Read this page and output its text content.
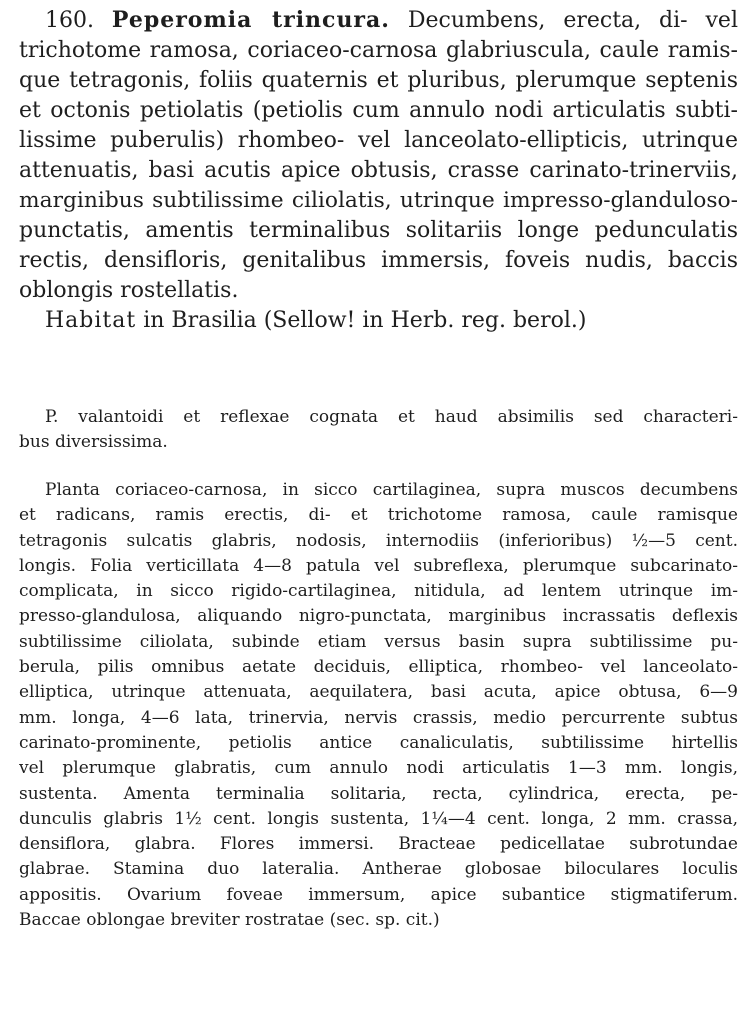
160. Peperomia trincura. Decumbens, erecta, di- vel
trichotome ramosa, coriaceo-carnosa glabriuscula, caule ramis-
que tetragonis, foliis quaternis et pluribus, plerumque septenis
et octonis petiolatis (petiolis cum annulo nodi articulatis subti-
lissime puberulis) rhombeo- vel lanceolato-ellipticis, utrinque
attenuatis, basi acutis apice obtusis, crasse carinato-trinerviis,
marginibus subtilissime ciliolatis, utrinque impresso-glanduloso-
punctatis, amentis terminalibus solitariis longe pedunculatis
rectis, densifloris, genitalibus immersis, foveis nudis, baccis
oblongis rostellatis.
Habitat in Brasilia (Sellow! in Herb. reg. berol.)
P. valantoidi et reflexae cognata et haud absimilis sed characteri-
bus diversissima.
Planta coriaceo-carnosa, in sicco cartilaginea, supra muscos decumbens
et radicans, ramis erectis, di- et trichotome ramosa, caule ramisque
tetragonis sulcatis glabris, nodosis, internodiis (inferioribus) ½—5 cent.
longis. Folia verticillata 4—8 patula vel subreflexa, plerumque subcarinato-
complicata, in sicco rigido-cartilaginea, nitidula, ad lentem utrinque im-
presso-glandulosa, aliquando nigro-punctata, marginibus incrassatis deflexis
subtilissime ciliolata, subinde etiam versus basin supra subtilissime pu-
berula, pilis omnibus aetate deciduis, elliptica, rhombeo- vel lanceolato-
elliptica, utrinque attenuata, aequilatera, basi acuta, apice obtusa, 6—9
mm. longa, 4—6 lata, trinervia, nervis crassis, medio percurrente subtus
carinato-prominente, petiolis antice canaliculatis, subtilissime hirtellis
vel plerumque glabratis, cum annulo nodi articulatis 1—3 mm. longis,
sustenta. Amenta terminalia solitaria, recta, cylindrica, erecta, pe-
dunculis glabris 1½ cent. longis sustenta, 1¼—4 cent. longa, 2 mm. crassa,
densiflora, glabra. Flores immersi. Bracteae pedicellatae subrotundae
glabrae. Stamina duo lateralia. Antherae globosae biloculares loculis
appositis. Ovarium foveae immersum, apice subantice stigmatiferum.
Baccae oblongae breviter rostratae (sec. sp. cit.)
